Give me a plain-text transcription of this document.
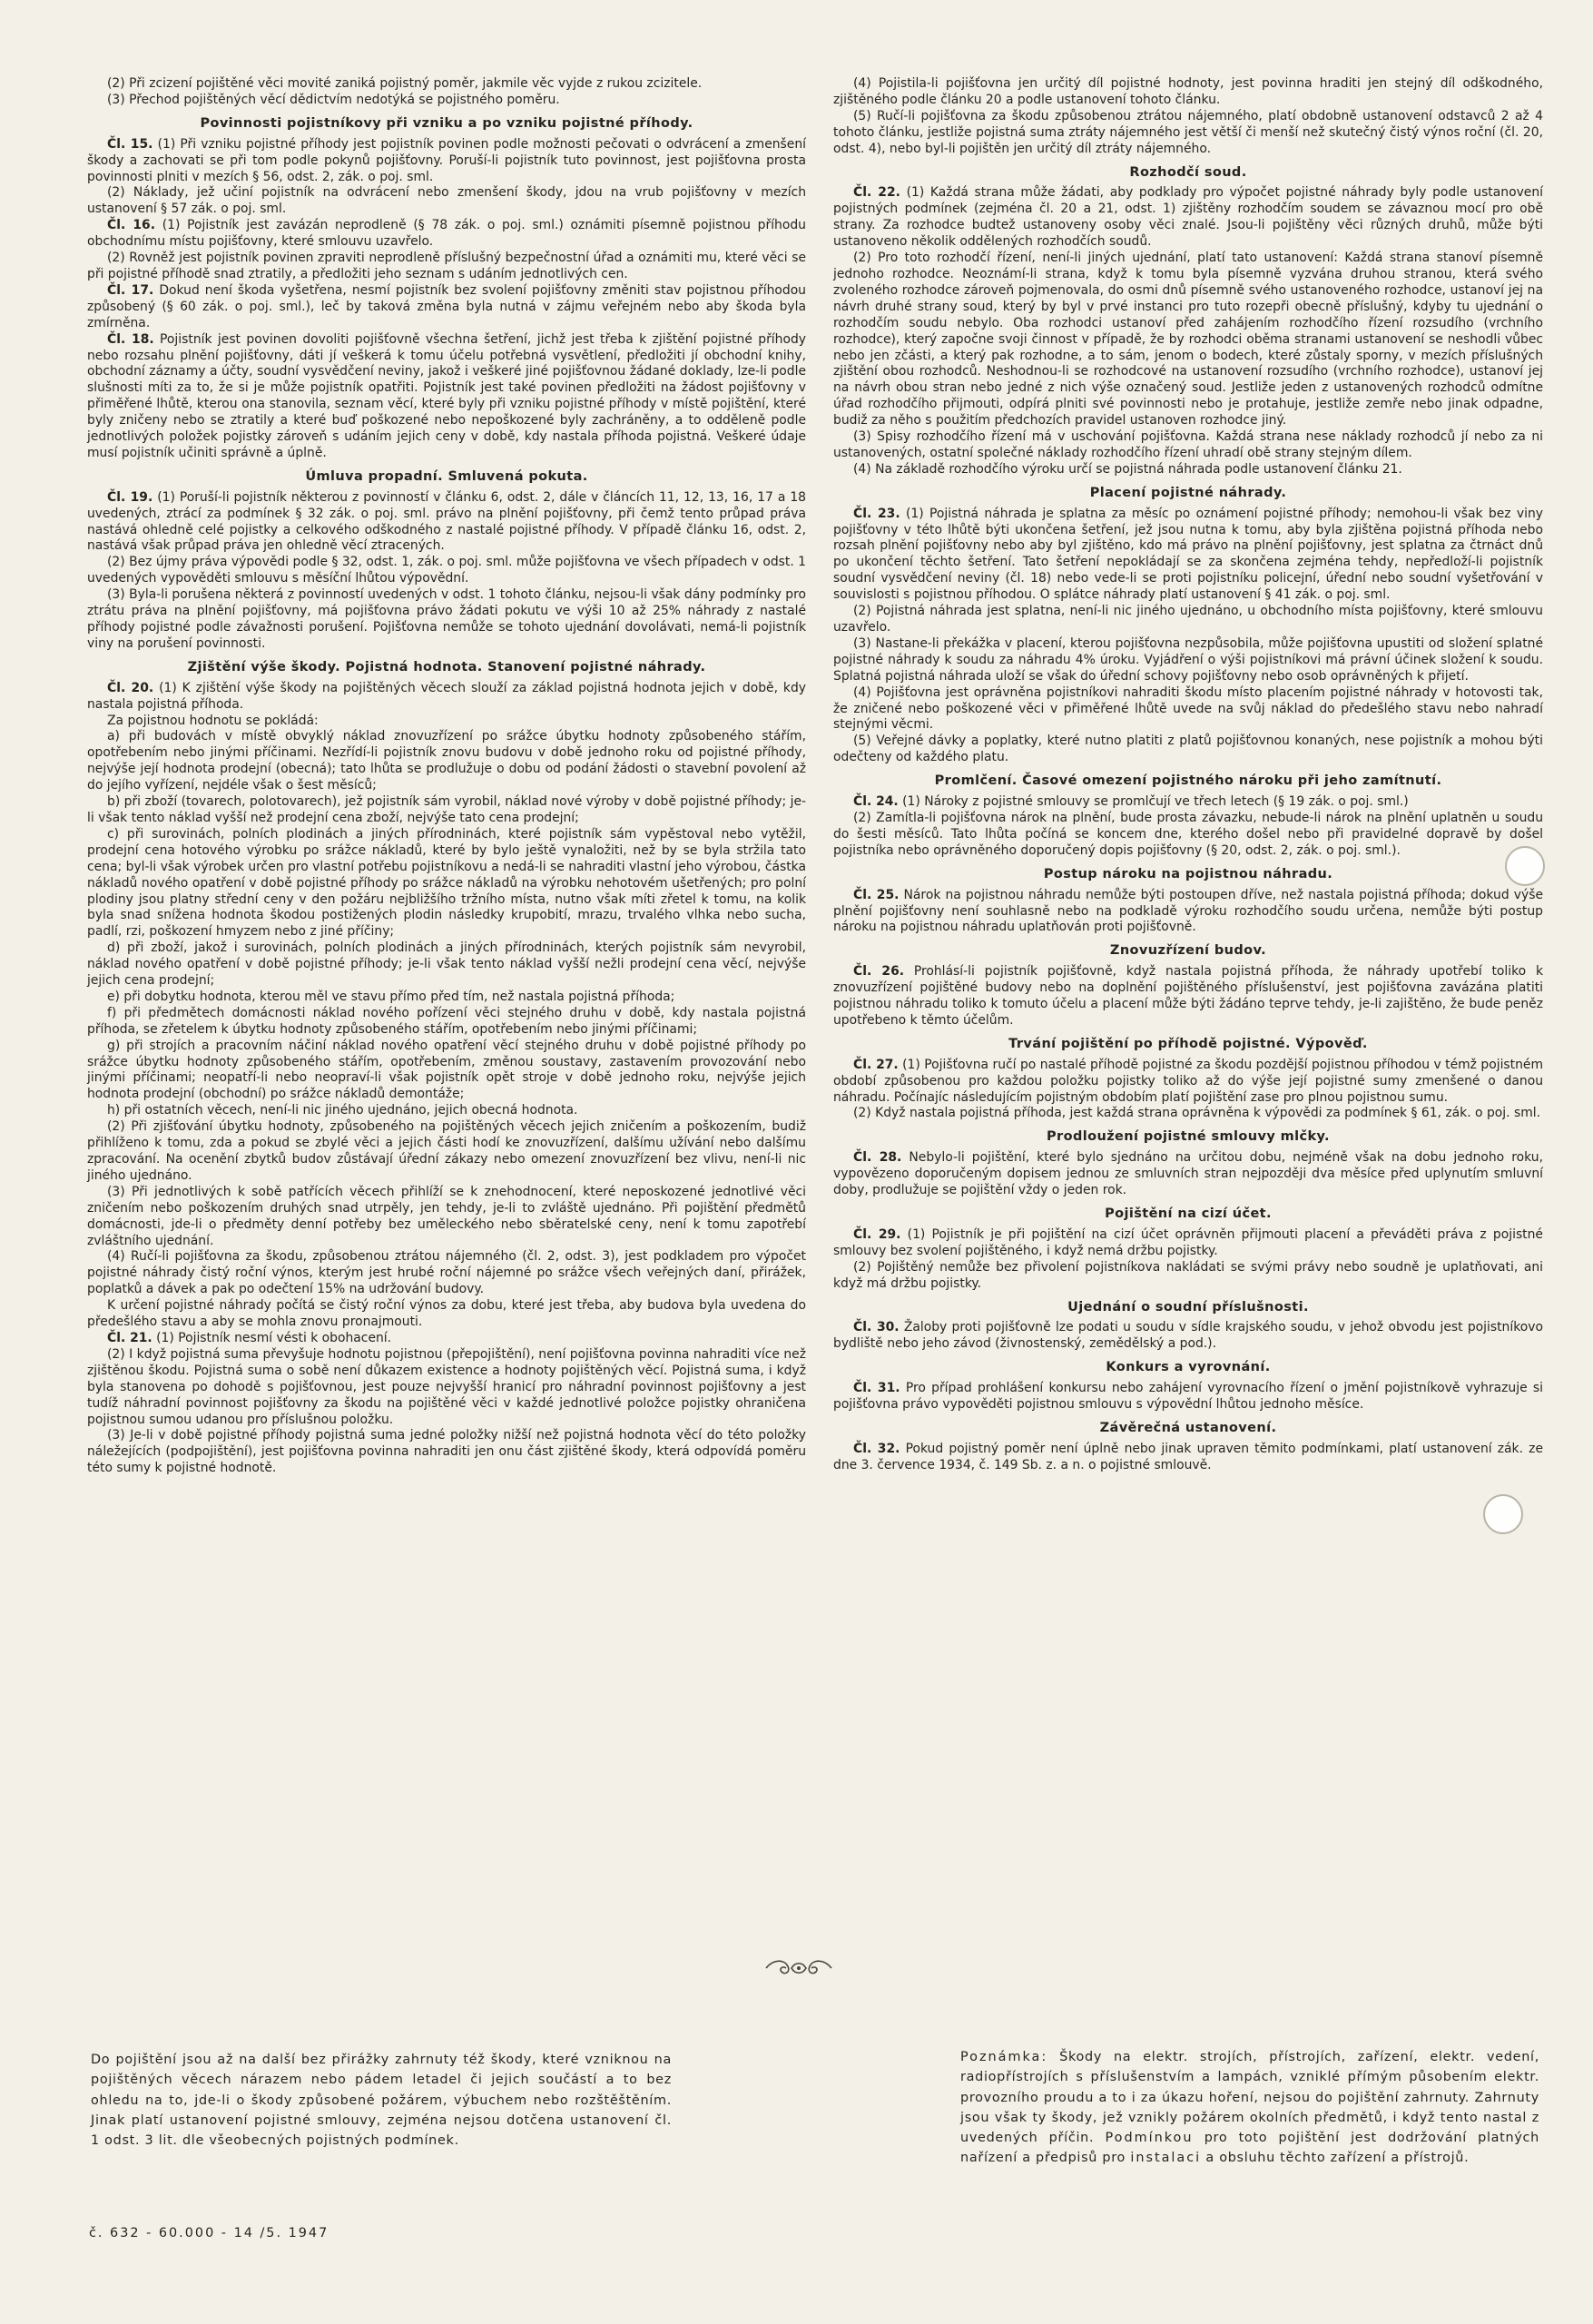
(2) Při zcizení pojištěné věci movité zaniká pojistný poměr, jakmile věc vyjde z rukou zcizitele.

(3) Přechod pojištěných věcí dědictvím nedotýká se pojistného poměru.

Povinnosti pojistníkovy při vzniku a po vzniku pojistné příhody.

Čl. 15. (1) Při vzniku pojistné příhody jest pojistník povinen podle možnosti pečovati o odvrácení a zmenšení škody a zachovati se při tom podle pokynů pojišťovny. Poruší-li pojistník tuto povinnost, jest pojišťovna prosta povinnosti plniti v mezích § 56, odst. 2, zák. o poj. sml.

(2) Náklady, jež učiní pojistník na odvrácení nebo zmenšení škody, jdou na vrub pojišťovny v mezích ustanovení § 57 zák. o poj. sml.

Čl. 16. (1) Pojistník jest zavázán neprodleně (§ 78 zák. o poj. sml.) oznámiti písemně pojistnou příhodu obchodnímu místu pojišťovny, které smlouvu uzavřelo.

(2) Rovněž jest pojistník povinen zpraviti neprodleně příslušný bezpečnostní úřad a oznámiti mu, které věci se při pojistné příhodě snad ztratily, a předložiti jeho seznam s udáním jednotlivých cen.

Čl. 17. Dokud není škoda vyšetřena, nesmí pojistník bez svolení pojišťovny změniti stav pojistnou příhodou způsobený (§ 60 zák. o poj. sml.), leč by taková změna byla nutná v zájmu veřejném nebo aby škoda byla zmírněna.

Čl. 18. Pojistník jest povinen dovoliti pojišťovně všechna šetření, jichž jest třeba k zjištění pojistné příhody nebo rozsahu plnění pojišťovny, dáti jí veškerá k tomu účelu potřebná vysvětlení, předložiti jí obchodní knihy, obchodní záznamy a účty, soudní vysvědčení neviny, jakož i veškeré jiné pojišťovnou žádané doklady, lze-li podle slušnosti míti za to, že si je může pojistník opatřiti. Pojistník jest také povinen předložiti na žádost pojišťovny v přiměřené lhůtě, kterou ona stanovila, seznam věcí, které byly při vzniku pojistné příhody v místě pojištění, které byly zničeny nebo se ztratily a které buď poškozené nebo nepoškozené byly zachráněny, a to odděleně podle jednotlivých položek pojistky zároveň s udáním jejich ceny v době, kdy nastala příhoda pojistná. Veškeré údaje musí pojistník učiniti správně a úplně.

Úmluva propadní. Smluvená pokuta.

Čl. 19. (1) Poruší-li pojistník některou z povinností v článku 6, odst. 2, dále v článcích 11, 12, 13, 16, 17 a 18 uvedených, ztrácí za podmínek § 32 zák. o poj. sml. právo na plnění pojišťovny, při čemž tento průpad práva nastává ohledně celé pojistky a celkového odškodného z nastalé pojistné příhody. V případě článku 16, odst. 2, nastává však průpad práva jen ohledně věcí ztracených.

(2) Bez újmy práva výpovědi podle § 32, odst. 1, zák. o poj. sml. může pojišťovna ve všech případech v odst. 1 uvedených vypověděti smlouvu s měsíční lhůtou výpovědní.

(3) Byla-li porušena některá z povinností uvedených v odst. 1 tohoto článku, nejsou-li však dány podmínky pro ztrátu práva na plnění pojišťovny, má pojišťovna právo žádati pokutu ve výši 10 až 25% náhrady z nastalé příhody pojistné podle závažnosti porušení. Pojišťovna nemůže se tohoto ujednání dovolávati, nemá-li pojistník viny na porušení povinnosti.

Zjištění výše škody. Pojistná hodnota. Stanovení pojistné náhrady.

Čl. 20. (1) K zjištění výše škody na pojištěných věcech slouží za základ pojistná hodnota jejich v době, kdy nastala pojistná příhoda.

Za pojistnou hodnotu se pokládá:

a) při budovách v místě obvyklý náklad znovuzřízení po srážce úbytku hodnoty způsobeného stářím, opotřebením nebo jinými příčinami. Nezřídí-li pojistník znovu budovu v době jednoho roku od pojistné příhody, nejvýše její hodnota prodejní (obecná); tato lhůta se prodlužuje o dobu od podání žádosti o stavební povolení až do jejího vyřízení, nejdéle však o šest měsíců;

b) při zboží (tovarech, polotovarech), jež pojistník sám vyrobil, náklad nové výroby v době pojistné příhody; je-li však tento náklad vyšší než prodejní cena zboží, nejvýše tato cena prodejní;

c) při surovinách, polních plodinách a jiných přírodninách, které pojistník sám vypěstoval nebo vytěžil, prodejní cena hotového výrobku po srážce nákladů, které by bylo ještě vynaložiti, než by se byla stržila tato cena; byl-li však výrobek určen pro vlastní potřebu pojistníkovu a nedá-li se nahraditi vlastní jeho výrobou, částka nákladů nového opatření v době pojistné příhody po srážce nákladů na výrobku nehotovém ušetřených; pro polní plodiny jsou platny střední ceny v den požáru nejbližšího tržního místa, nutno však míti zřetel k tomu, na kolik byla snad snížena hodnota škodou postižených plodin následky krupobití, mrazu, trvalého vlhka nebo sucha, padlí, rzi, poškození hmyzem nebo z jiné příčiny;

d) při zboží, jakož i surovinách, polních plodinách a jiných přírodninách, kterých pojistník sám nevyrobil, náklad nového opatření v době pojistné příhody; je-li však tento náklad vyšší nežli prodejní cena věcí, nejvýše jejich cena prodejní;

e) při dobytku hodnota, kterou měl ve stavu přímo před tím, než nastala pojistná příhoda;

f) při předmětech domácnosti náklad nového pořízení věci stejného druhu v době, kdy nastala pojistná příhoda, se zřetelem k úbytku hodnoty způsobeného stářím, opotřebením nebo jinými příčinami;

g) při strojích a pracovním náčiní náklad nového opatření věcí stejného druhu v době pojistné příhody po srážce úbytku hodnoty způsobeného stářím, opotřebením, změnou soustavy, zastavením provozování nebo jinými příčinami; neopatří-li nebo neopraví-li však pojistník opět stroje v době jednoho roku, nejvýše jejich hodnota prodejní (obchodní) po srážce nákladů demontáže;

h) při ostatních věcech, není-li nic jiného ujednáno, jejich obecná hodnota.

(2) Při zjišťování úbytku hodnoty, způsobeného na pojištěných věcech jejich zničením a poškozením, budiž přihlíženo k tomu, zda a pokud se zbylé věci a jejich části hodí ke znovuzřízení, dalšímu užívání nebo dalšímu zpracování. Na ocenění zbytků budov zůstávají úřední zákazy nebo omezení znovuzřízení bez vlivu, není-li nic jiného ujednáno.

(3) Při jednotlivých k sobě patřících věcech přihlíží se k znehodnocení, které neposkozené jednotlivé věci zničením nebo poškozením druhých snad utrpěly, jen tehdy, je-li to zvláště ujednáno. Při pojištění předmětů domácnosti, jde-li o předměty denní potřeby bez uměleckého nebo sběratelské ceny, není k tomu zapotřebí zvláštního ujednání.

(4) Ručí-li pojišťovna za škodu, způsobenou ztrátou nájemného (čl. 2, odst. 3), jest podkladem pro výpočet pojistné náhrady čistý roční výnos, kterým jest hrubé roční nájemné po srážce všech veřejných daní, přirážek, poplatků a dávek a pak po odečtení 15% na udržování budovy.

K určení pojistné náhrady počítá se čistý roční výnos za dobu, které jest třeba, aby budova byla uvedena do předešlého stavu a aby se mohla znovu pronajmouti.

Čl. 21. (1) Pojistník nesmí vésti k obohacení.

(2) I když pojistná suma převyšuje hodnotu pojistnou (přepojištění), není pojišťovna povinna nahraditi více než zjištěnou škodu. Pojistná suma o sobě není důkazem existence a hodnoty pojištěných věcí. Pojistná suma, i když byla stanovena po dohodě s pojišťovnou, jest pouze nejvyšší hranicí pro náhradní povinnost pojišťovny a jest tudíž náhradní povinnost pojišťovny za škodu na pojištěné věci v každé jednotlivé položce pojistky ohraničena pojistnou sumou udanou pro příslušnou položku.

(3) Je-li v době pojistné příhody pojistná suma jedné položky nižší než pojistná hodnota věcí do této položky náležejících (podpojištění), jest pojišťovna povinna nahraditi jen onu část zjištěné škody, která odpovídá poměru této sumy k pojistné hodnotě.

(4) Pojistila-li pojišťovna jen určitý díl pojistné hodnoty, jest povinna hraditi jen stejný díl odškodného, zjištěného podle článku 20 a podle ustanovení tohoto článku.

(5) Ručí-li pojišťovna za škodu způsobenou ztrátou nájemného, platí obdobně ustanovení odstavců 2 až 4 tohoto článku, jestliže pojistná suma ztráty nájemného jest větší či menší než skutečný čistý výnos roční (čl. 20, odst. 4), nebo byl-li pojištěn jen určitý díl ztráty nájemného.

Rozhodčí soud.

Čl. 22. (1) Každá strana může žádati, aby podklady pro výpočet pojistné náhrady byly podle ustanovení pojistných podmínek (zejména čl. 20 a 21, odst. 1) zjištěny rozhodčím soudem se závaznou mocí pro obě strany. Za rozhodce budtež ustanoveny osoby věci znalé. Jsou-li pojištěny věci různých druhů, může býti ustanoveno několik oddělených rozhodčích soudů.

(2) Pro toto rozhodčí řízení, není-li jiných ujednání, platí tato ustanovení: Každá strana stanoví písemně jednoho rozhodce. Neoznámí-li strana, když k tomu byla písemně vyzvána druhou stranou, která svého zvoleného rozhodce zároveň pojmenovala, do osmi dnů písemně svého ustanoveného rozhodce, ustanoví jej na návrh druhé strany soud, který by byl v prvé instanci pro tuto rozepři obecně příslušný, kdyby tu ujednání o rozhodčím soudu nebylo. Oba rozhodci ustanoví před zahájením rozhodčího řízení rozsudího (vrchního rozhodce), který započne svoji činnost v případě, že by rozhodci oběma stranami ustanovení se neshodli vůbec nebo jen zčásti, a který pak rozhodne, a to sám, jenom o bodech, které zůstaly sporny, v mezích příslušných zjištění obou rozhodců. Neshodnou-li se rozhodcové na ustanovení rozsudího (vrchního rozhodce), ustanoví jej na návrh obou stran nebo jedné z nich výše označený soud. Jestliže jeden z ustanovených rozhodců odmítne úřad rozhodčího přijmouti, odpírá plniti své povinnosti nebo je protahuje, jestliže zemře nebo jinak odpadne, budiž za něho s použitím předchozích pravidel ustanoven rozhodce jiný.

(3) Spisy rozhodčího řízení má v uschování pojišťovna. Každá strana nese náklady rozhodců jí nebo za ni ustanovených, ostatní společné náklady rozhodčího řízení uhradí obě strany stejným dílem.

(4) Na základě rozhodčího výroku určí se pojistná náhrada podle ustanovení článku 21.

Placení pojistné náhrady.

Čl. 23. (1) Pojistná náhrada je splatna za měsíc po oznámení pojistné příhody; nemohou-li však bez viny pojišťovny v této lhůtě býti ukončena šetření, jež jsou nutna k tomu, aby byla zjištěna pojistná příhoda nebo rozsah plnění pojišťovny nebo aby byl zjištěno, kdo má právo na plnění pojišťovny, jest splatna za čtrnáct dnů po ukončení těchto šetření. Tato šetření nepokládají se za skončena zejména tehdy, nepředloží-li pojistník soudní vysvědčení neviny (čl. 18) nebo vede-li se proti pojistníku policejní, úřední nebo soudní vyšetřování v souvislosti s pojistnou příhodou. O splátce náhrady platí ustanovení § 41 zák. o poj. sml.

(2) Pojistná náhrada jest splatna, není-li nic jiného ujednáno, u obchodního místa pojišťovny, které smlouvu uzavřelo.

(3) Nastane-li překážka v placení, kterou pojišťovna nezpůsobila, může pojišťovna upustiti od složení splatné pojistné náhrady k soudu za náhradu 4% úroku. Vyjádření o výši pojistníkovi má právní účinek složení k soudu. Splatná pojistná náhrada uloží se však do úřední schovy pojišťovny nebo osob oprávněných k přijetí.

(4) Pojišťovna jest oprávněna pojistníkovi nahraditi škodu místo placením pojistné náhrady v hotovosti tak, že zničené nebo poškozené věci v přiměřené lhůtě uvede na svůj náklad do předešlého stavu nebo nahradí stejnými věcmi.

(5) Veřejné dávky a poplatky, které nutno platiti z platů pojišťovnou konaných, nese pojistník a mohou býti odečteny od každého platu.

Promlčení. Časové omezení pojistného nároku při jeho zamítnutí.

Čl. 24. (1) Nároky z pojistné smlouvy se promlčují ve třech letech (§ 19 zák. o poj. sml.)

(2) Zamítla-li pojišťovna nárok na plnění, bude prosta závazku, nebude-li nárok na plnění uplatněn u soudu do šesti měsíců. Tato lhůta počíná se koncem dne, kterého došel nebo při pravidelné dopravě by došel pojistníka nebo oprávněného doporučený dopis pojišťovny (§ 20, odst. 2, zák. o poj. sml.).

Postup nároku na pojistnou náhradu.

Čl. 25. Nárok na pojistnou náhradu nemůže býti postoupen dříve, než nastala pojistná příhoda; dokud výše plnění pojišťovny není souhlasně nebo na podkladě výroku rozhodčího soudu určena, nemůže býti postup nároku na pojistnou náhradu uplatňován proti pojišťovně.

Znovuzřízení budov.

Čl. 26. Prohlásí-li pojistník pojišťovně, když nastala pojistná příhoda, že náhrady upotřebí toliko k znovuzřízení pojištěné budovy nebo na doplnění pojištěného příslušenství, jest pojišťovna zavázána platiti pojistnou náhradu toliko k tomuto účelu a placení může býti žádáno teprve tehdy, je-li zajištěno, že bude peněz upotřebeno k těmto účelům.

Trvání pojištění po příhodě pojistné. Výpověď.

Čl. 27. (1) Pojišťovna ručí po nastalé příhodě pojistné za škodu pozdější pojistnou příhodou v témž pojistném období způsobenou pro každou položku pojistky toliko až do výše její pojistné sumy zmenšené o danou náhradu. Počínajíc následujícím pojistným obdobím platí pojištění zase pro plnou pojistnou sumu.

(2) Když nastala pojistná příhoda, jest každá strana oprávněna k výpovědi za podmínek § 61, zák. o poj. sml.

Prodloužení pojistné smlouvy mlčky.

Čl. 28. Nebylo-li pojištění, které bylo sjednáno na určitou dobu, nejméně však na dobu jednoho roku, vypovězeno doporučeným dopisem jednou ze smluvních stran nejpozději dva měsíce před uplynutím smluvní doby, prodlužuje se pojištění vždy o jeden rok.

Pojištění na cizí účet.

Čl. 29. (1) Pojistník je při pojištění na cizí účet oprávněn přijmouti placení a převáděti práva z pojistné smlouvy bez svolení pojištěného, i když nemá držbu pojistky.

(2) Pojištěný nemůže bez přivolení pojistníkova nakládati se svými právy nebo soudně je uplatňovati, ani když má držbu pojistky.

Ujednání o soudní příslušnosti.

Čl. 30. Žaloby proti pojišťovně lze podati u soudu v sídle krajského soudu, v jehož obvodu jest pojistníkovo bydliště nebo jeho závod (živnostenský, zemědělský a pod.).

Konkurs a vyrovnání.

Čl. 31. Pro případ prohlášení konkursu nebo zahájení vyrovnacího řízení o jmění pojistníkově vyhrazuje si pojišťovna právo vypověděti pojistnou smlouvu s výpovědní lhůtou jednoho měsíce.

Závěrečná ustanovení.

Čl. 32. Pokud pojistný poměr není úplně nebo jinak upraven těmito podmínkami, platí ustanovení zák. ze dne 3. července 1934, č. 149 Sb. z. a n. o pojistné smlouvě.

Do pojištění jsou až na další bez přirážky zahrnuty též škody, které vzniknou na pojištěných věcech nárazem nebo pádem letadel či jejich součástí a to bez ohledu na to, jde-li o škody způsobené požárem, výbuchem nebo rozštěštěním. Jinak platí ustanovení pojistné smlouvy, zejména nejsou dotčena ustanovení čl. 1 odst. 3 lit. dle všeobecných pojistných podmínek.
Poznámka: Škody na elektr. strojích, přístrojích, zařízení, elektr. vedení, radiopřístrojích s příslušenstvím a lampách, vzniklé přímým působením elektr. provozního proudu a to i za úkazu hoření, nejsou do pojištění zahrnuty. Zahrnuty jsou však ty škody, jež vznikly požárem okolních předmětů, i když tento nastal z uvedených příčin. Podmínkou pro toto pojištění jest dodržování platných nařízení a předpisů pro instalaci a obsluhu těchto zařízení a přístrojů.
č. 632 - 60.000 - 14 /5. 1947
